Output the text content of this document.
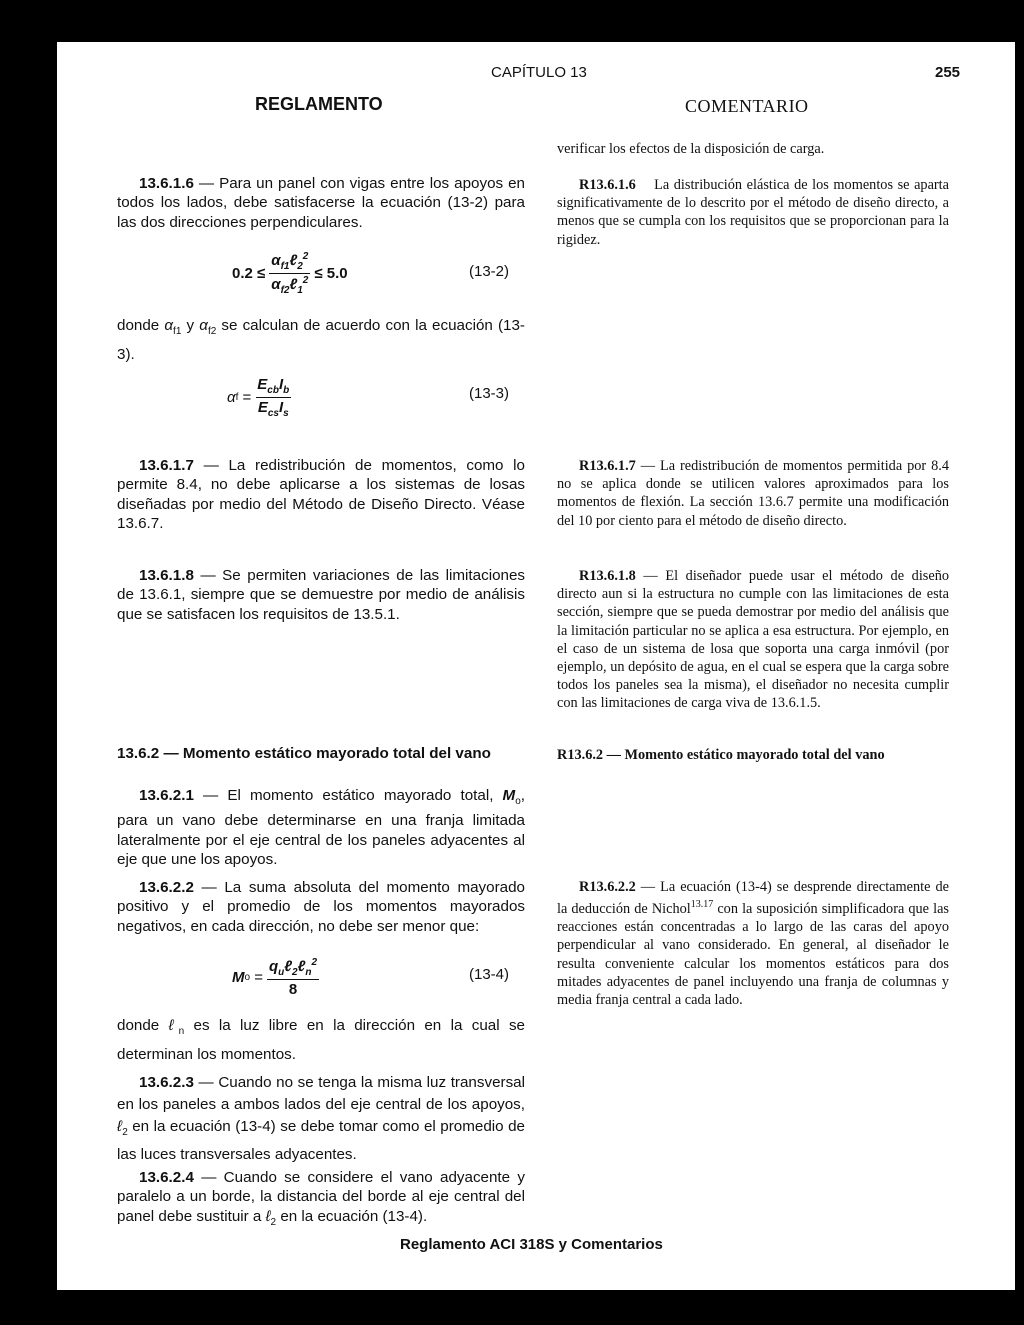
CAPÍTULO 13	255
REGLAMENTO	COMENTARIO
13.6.1.6 — Para un panel con vigas entre los apoyos en todos los lados, debe satisfacerse la ecuación (13-2) para las dos direcciones perpendiculares.
$0.2 \le \frac{\alpha_{f1}\ell_2^2}{\alpha_{f2}\ell_1^2} \le 5.0$	(13-2)
donde $\alpha_{f1}$ y $\alpha_{f2}$ se calculan de acuerdo con la ecuación (13-3).
α f
= $\frac{E_{cb}I_b}{E_{cs}I_s}$	(13-3)
13.6.1.7 — La redistribución de momentos, como lo permite 8.4, no debe aplicarse a los sistemas de losas diseñadas por medio del Método de Diseño Directo. Véase 13.6.7.
13.6.1.8 — Se permiten variaciones de las limitaciones de 13.6.1, siempre que se demuestre por medio de análisis que se satisfacen los requisitos de 13.5.1.
13.6.2 — Momento estático mayorado total del vano
13.6.2.1 — El momento estático mayorado total, $M_o$, para un vano debe determinarse en una franja limitada lateralmente por el eje central de los paneles adyacentes al eje que une los apoyos.
13.6.2.2 — La suma absoluta del momento mayorado positivo y el promedio de los momentos mayorados negativos, en cada dirección, no debe ser menor que:
M o
= $\frac{q_u\ell_2\ell_n^2}{8}$	(13-4)
donde ℓ$_n$ es la luz libre en la dirección en la cual se determinan los momentos.
13.6.2.3 — Cuando no se tenga la misma luz transversal en los paneles a ambos lados del eje central de los apoyos, ℓ$_2$ en la ecuación (13-4) se debe tomar como el promedio de las luces transversales adyacentes.
13.6.2.4 — Cuando se considere el vano adyacente y paralelo a un borde, la distancia del borde al eje central del panel debe sustituir a ℓ$_2$ en la ecuación (13-4).
verificar los efectos de la disposición de carga.
R13.6.1.6    La distribución elástica de los momentos se aparta significativamente de lo descrito por el método de diseño directo, a menos que se cumpla con los requisitos que se proporcionan para la rigidez.
R13.6.1.7 — La redistribución de momentos permitida por 8.4 no se aplica donde se utilicen valores aproximados para los momentos de flexión. La sección 13.6.7 permite una modificación del 10 por ciento para el método de diseño directo.
R13.6.1.8 — El diseñador puede usar el método de diseño directo aun si la estructura no cumple con las limitaciones de esta sección, siempre que se pueda demostrar por medio del análisis que la limitación particular no se aplica a esa estructura. Por ejemplo, en el caso de un sistema de losa que soporta una carga inmóvil (por ejemplo, un depósito de agua, en el cual se espera que la carga sobre todos los paneles sea la misma), el diseñador no necesita cumplir con las limitaciones de carga viva de 13.6.1.5.
R13.6.2 — Momento estático mayorado total del vano
R13.6.2.2 — La ecuación (13-4) se desprende directamente de la deducción de Nichol$^{13.17}$ con la suposición simplificadora que las reacciones están concentradas a lo largo de las caras del apoyo perpendicular al vano considerado. En general, al diseñador le resulta conveniente calcular los momentos estáticos para dos mitades adyacentes de panel incluyendo una franja de columnas y media franja central a cada lado.
Reglamento ACI 318S y Comentarios
